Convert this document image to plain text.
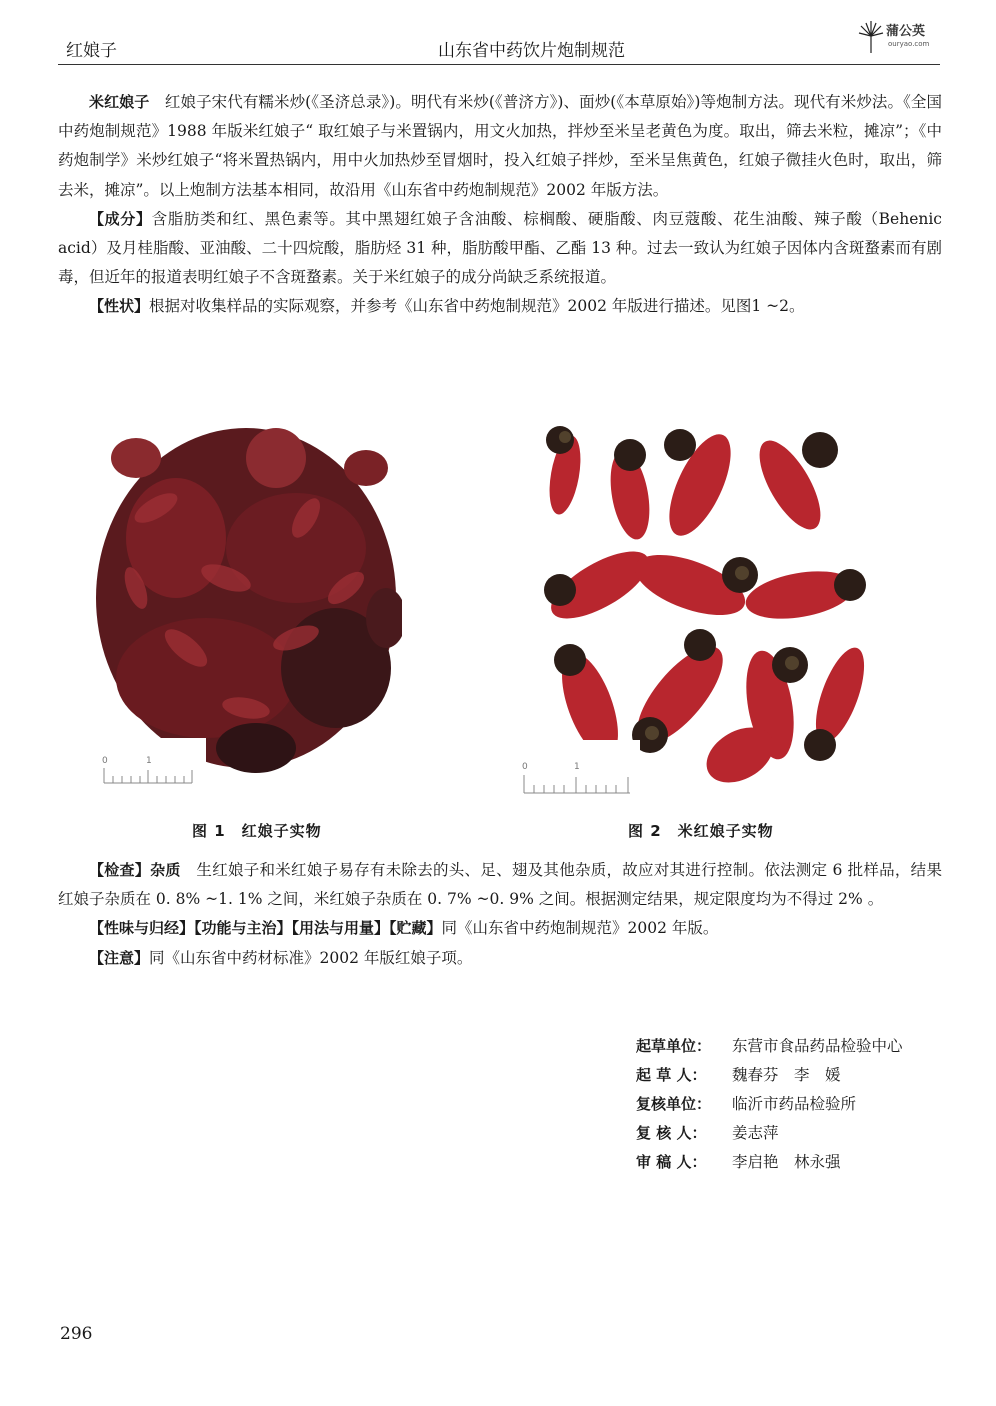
红娘子	山东省中药饮片炮制规范
蒲公英
ouryao.com

米红娘子　 红娘子宋代有糯米炒(《圣济总录》)。明代有米炒(《普济方》)、面炒(《本草原始》)等炮制方法。现代有米炒法。《全国中药炮制规范》1988 年版米红娘子“ 取红娘子与米置锅内，用文火加热，拌炒至米呈老黄色为度。取出，筛去米粒，摊凉”；《中药炮制学》米炒红娘子“将米置热锅内，用中火加热炒至冒烟时，投入红娘子拌炒，至米呈焦黄色，红娘子微挂火色时，取出，筛去米，摊凉”。以上炮制方法基本相同，故沿用《山东省中药炮制规范》2002 年版方法。

【成分】含脂肪类和红、黑色素等。其中黑翅红娘子含油酸、棕榈酸、硬脂酸、肉豆蔻酸、花生油酸、辣子酸（Behenic acid）及月桂脂酸、亚油酸、二十四烷酸，脂肪烃 31 种，脂肪酸甲酯、乙酯 13 种。过去一致认为红娘子因体内含斑蝥素而有剧毒，但近年的报道表明红娘子不含斑蝥素。关于米红娘子的成分尚缺乏系统报道。

【性状】根据对收集样品的实际观察，并参考《山东省中药炮制规范》2002 年版进行描述。见图1 ~2。

0	1
0	1
图 1　红娘子实物	图 2　米红娘子实物

【检查】杂质　 生红娘子和米红娘子易存有未除去的头、足、翅及其他杂质，故应对其进行控制。依法测定 6 批样品，结果红娘子杂质在 0. 8% ~1. 1% 之间，米红娘子杂质在 0. 7% ~0. 9% 之间。根据测定结果，规定限度均为不得过 2% 。

【性味与归经】【功能与主治】【用法与用量】【贮藏】同《山东省中药炮制规范》2002 年版。

【注意】同《山东省中药材标准》2002 年版红娘子项。

起草单位： 东营市食品药品检验中心
起 草 人： 魏春芬　李　媛
复核单位： 临沂市药品检验所
复 核 人： 姜志萍
审 稿 人： 李启艳　林永强
296
